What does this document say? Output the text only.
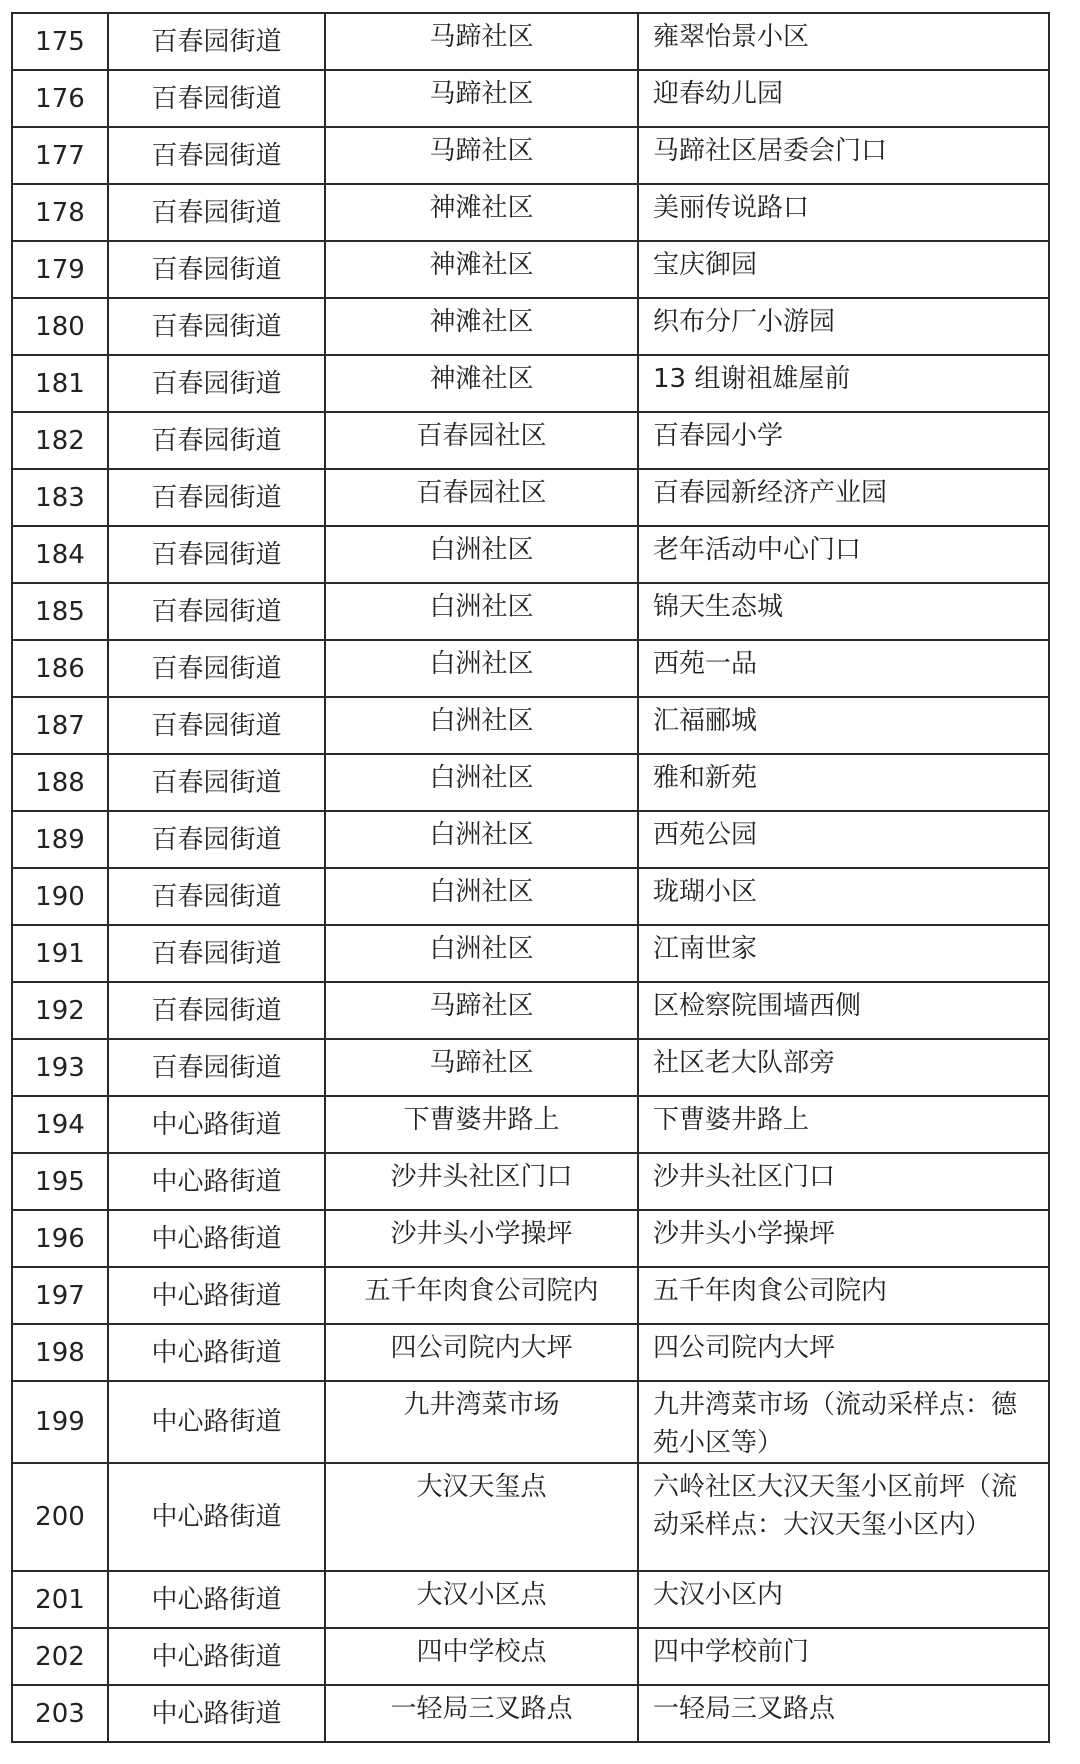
175	百春园街道	马蹄社区	雍翠怡景小区
176	百春园街道	马蹄社区	迎春幼儿园
177	百春园街道	马蹄社区	马蹄社区居委会门口
178	百春园街道	神滩社区	美丽传说路口
179	百春园街道	神滩社区	宝庆御园
180	百春园街道	神滩社区	织布分厂小游园
181	百春园街道	神滩社区	13 组谢祖雄屋前
182	百春园街道	百春园社区	百春园小学
183	百春园街道	百春园社区	百春园新经济产业园
184	百春园街道	白洲社区	老年活动中心门口
185	百春园街道	白洲社区	锦天生态城
186	百春园街道	白洲社区	西苑一品
187	百春园街道	白洲社区	汇福郦城
188	百春园街道	白洲社区	雅和新苑
189	百春园街道	白洲社区	西苑公园
190	百春园街道	白洲社区	珑瑚小区
191	百春园街道	白洲社区	江南世家
192	百春园街道	马蹄社区	区检察院围墙西侧
193	百春园街道	马蹄社区	社区老大队部旁
194	中心路街道	下曹婆井路上	下曹婆井路上
195	中心路街道	沙井头社区门口	沙井头社区门口
196	中心路街道	沙井头小学操坪	沙井头小学操坪
197	中心路街道	五千年肉食公司院内	五千年肉食公司院内
198	中心路街道	四公司院内大坪	四公司院内大坪
199	中心路街道	九井湾菜市场	九井湾菜市场（流动采样点：德苑小区等）
200	中心路街道	大汉天玺点	六岭社区大汉天玺小区前坪（流动采样点：大汉天玺小区内）
201	中心路街道	大汉小区点	大汉小区内
202	中心路街道	四中学校点	四中学校前门
203	中心路街道	一轻局三叉路点	一轻局三叉路点
